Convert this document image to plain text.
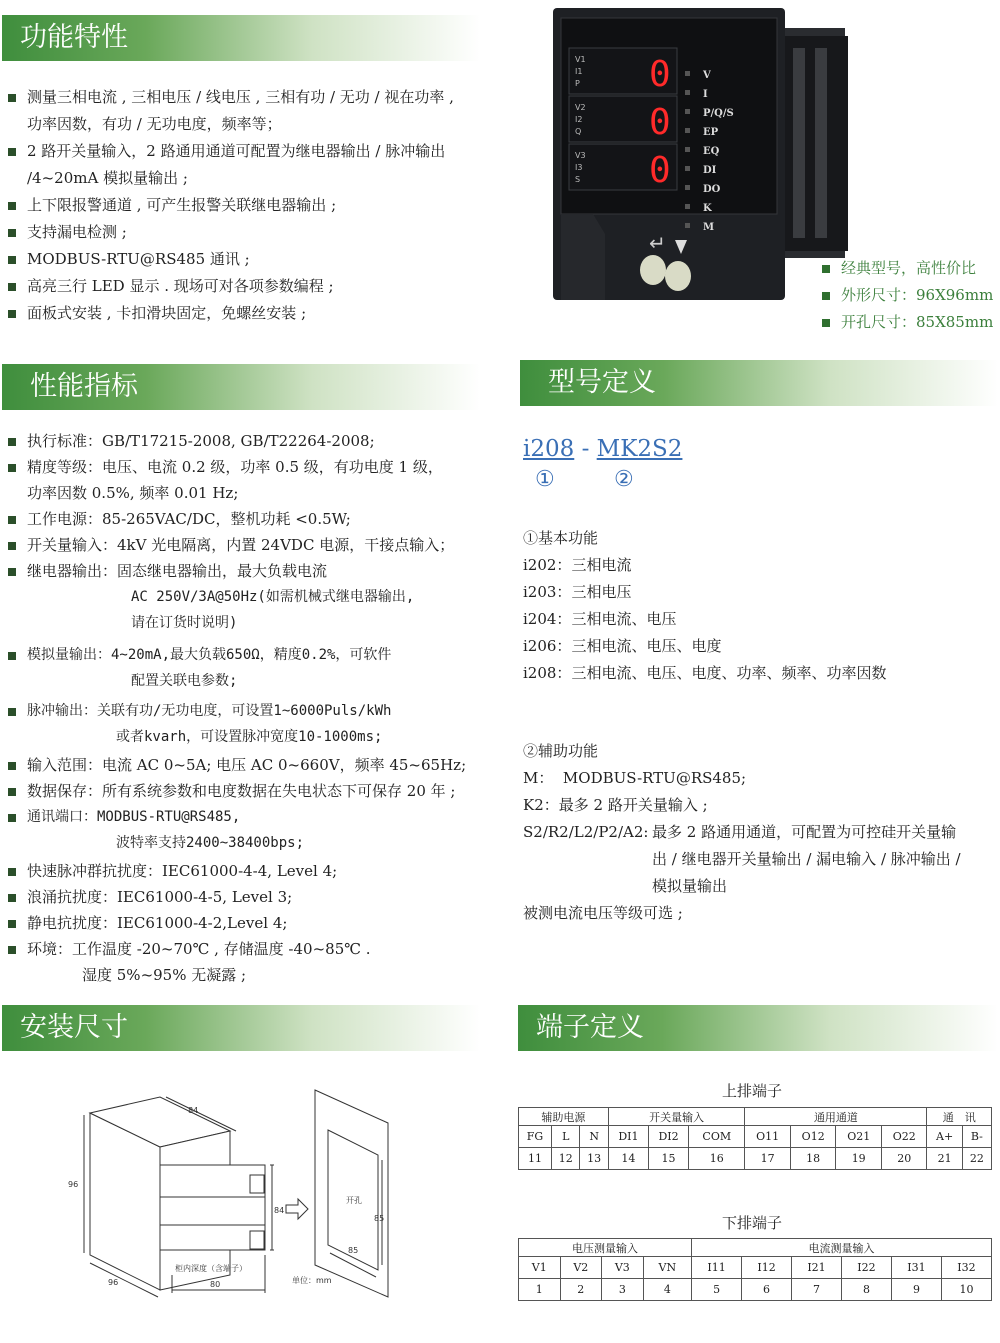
功能特性
性能指标	型号定义
安装尺寸	端子定义
测量三相电流 , 三相电压 / 线电压 , 三相有功 / 无功 / 视在功率 ,
功率因数，有功 / 无功电度，频率等；
2 路开关量输入，2 路通用通道可配置为继电器输出 / 脉冲输出
/4~20mA 模拟量输出 ;
上下限报警通道 , 可产生报警关联继电器输出 ;
支持漏电检测 ;
MODBUS-RTU@RS485 通讯 ;
高亮三行 LED 显示 . 现场可对各项参数编程 ;
面板式安装 , 卡扣滑块固定，免螺丝安装 ;
V1
I1
P
V2
I2
Q
V3
I3
S
0
0
0
V
I
P/Q/S
EP
EQ
DI
DO
K
M
↵
经典型号，高性价比
外形尺寸：96X96mm
开孔尺寸：85X85mm
执行标准：GB/T17215-2008, GB/T22264-2008;
精度等级：电压、电流 0.2 级，功率 0.5 级，有功电度 1 级，
功率因数 0.5%, 频率 0.01 Hz;
工作电源：85-265VAC/DC，整机功耗 <0.5W;
开关量输入：4kV 光电隔离，内置 24VDC 电源，干接点输入；
继电器输出：固态继电器输出，最大负载电流
AC 250V/3A@50Hz(如需机械式继电器输出,
请在订货时说明)
模拟量输出：4~20mA,最大负载650Ω，精度0.2%，可软件
配置关联电参数;
脉冲输出：关联有功/无功电度，可设置1~6000Puls/kWh
或者kvarh，可设置脉冲宽度10-1000ms;
输入范围：电流 AC 0~5A; 电压 AC 0~660V，频率 45~65Hz;
数据保存：所有系统参数和电度数据在失电状态下可保存 20 年 ;
通讯端口：MODBUS-RTU@RS485,
波特率支持2400~38400bps;
快速脉冲群抗扰度：IEC61000-4-4, Level 4;
浪涌抗扰度：IEC61000-4-5, Level 3;
静电抗扰度：IEC61000-4-2,Level 4;
环境：工作温度 -20~70℃ , 存储温度 -40~85℃ .
湿度 5%~95% 无凝露 ;
i208 - MK2S2
①	②
①基本功能
i202：三相电流
i203：三相电压
i204：三相电流、电压
i206：三相电流、电压、电度
i208：三相电流、电压、电度、功率、频率、功率因数
②辅助功能
M： MODBUS-RTU@RS485;
K2：最多 2 路开关量输入 ;
S2/R2/L2/P2/A2: 最多 2 路通用通道，可配置为可控硅开关量输
出 / 继电器开关量输出 / 漏电输入 / 脉冲输出 /
模拟量输出
被测电流电压等级可选 ;
96
84
84
96
柜内深度（含端子）
80
开孔
85
85
单位：mm
上排端子
辅助电源			开关量输入			通用通道				通　讯	
FG	L	N	DI1	DI2	COM	O11	O12	O21	O22	A+	B-
11	12	13	14	15	16	17	18	19	20	21	22
下排端子
电压测量输入				电流测量输入					
V1	V2	V3	VN	I11	I12	I21	I22	I31	I32
1	2	3	4	5	6	7	8	9	10
